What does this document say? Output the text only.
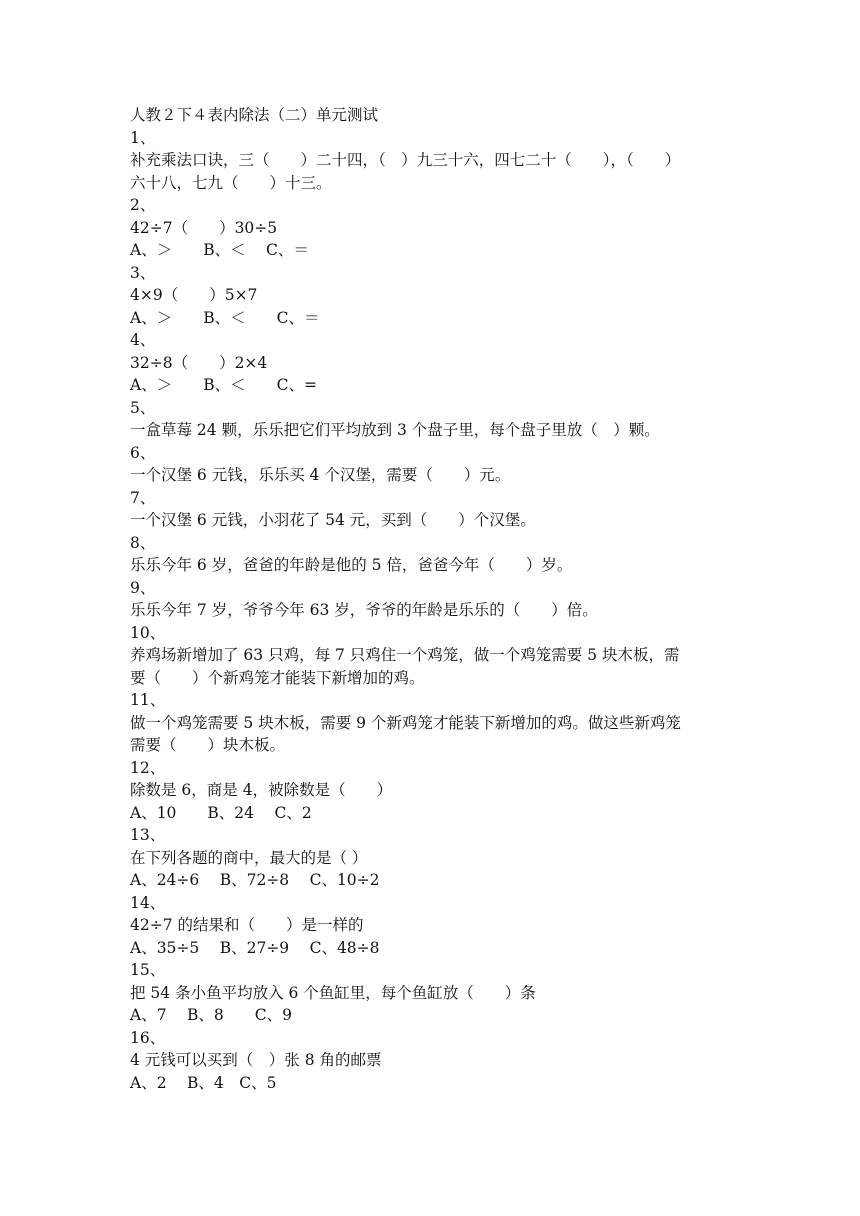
人教２下４表内除法（二）单元测试
1、
补充乘法口诀，三（　　）二十四，（　）九三十六，四七二十（　　），（　　）
六十八，七九（　　）十三。
2、
42÷7（　　）30÷5
A、＞　　B、＜　 C、＝
3、
4×9（　　）5×7
A、＞　　B、＜　　C、＝
4、
32÷8（　　）2×4
A、＞　　B、＜　　C、=
5、
一盒草莓 24 颗，乐乐把它们平均放到 3 个盘子里，每个盘子里放（　）颗。
6、
一个汉堡 6 元钱，乐乐买 4 个汉堡，需要（　　）元。
7、
一个汉堡 6 元钱，小羽花了 54 元，买到（　　）个汉堡。
8、
乐乐今年 6 岁，爸爸的年龄是他的 5 倍，爸爸今年（　　）岁。
9、
乐乐今年 7 岁，爷爷今年 63 岁，爷爷的年龄是乐乐的（　　）倍。
10、
养鸡场新增加了 63 只鸡，每 7 只鸡住一个鸡笼，做一个鸡笼需要 5 块木板，需
要（　　）个新鸡笼才能装下新增加的鸡。
11、
做一个鸡笼需要 5 块木板，需要 9 个新鸡笼才能装下新增加的鸡。做这些新鸡笼
需要（　　）块木板。
12、
除数是 6，商是 4，被除数是（　　）
A、10　　B、24　 C、2
13、
在下列各题的商中，最大的是（ ）
A、24÷6　 B、72÷8　 C、10÷2
14、
42÷7 的结果和（　　）是一样的
A、35÷5　 B、27÷9　 C、48÷8
15、
把 54 条小鱼平均放入 6 个鱼缸里，每个鱼缸放（　　）条
A、7　 B、8　　C、9
16、
4 元钱可以买到（　）张 8 角的邮票
A、2　 B、4　C、5
